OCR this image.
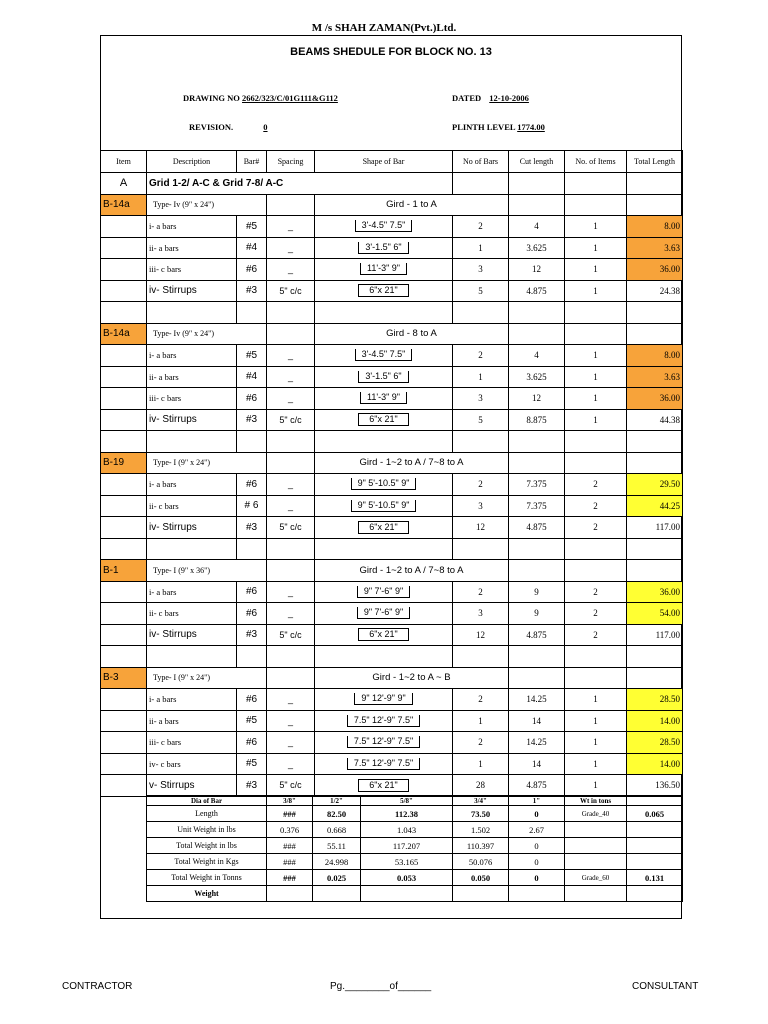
M /s SHAH ZAMAN(Pvt.)Ltd.
BEAMS SHEDULE FOR BLOCK NO. 13
DRAWING NO 2662/323/C/01G111&G112	DATED 12-10-2006
REVISION.	0	PLINTH LEVEL 1774.00
Item	Description	Bar#	Spacing	Shape of Bar	No of Bars	Cut length	No. of Items	Total Length
A	Grid 1-2/ A-C & Grid 7-8/ A-C							
B-14a	Type- Iv (9" x 24")			Gird - 1 to A				
	i- a bars	#5	_	3'-4.5" 7.5"	2	4	1	8.00
	ii- a bars	#4	_	3'-1.5" 6"	1	3.625	1	3.63
	iii- c bars	#6	_	11'-3" 9"	3	12	1	36.00
	iv- Stirrups	#3	5" c/c	6"x 21"	5	4.875	1	24.38

B-14a	Type- Iv (9" x 24")			Gird - 8 to A				
	i- a bars	#5	_	3'-4.5" 7.5"	2	4	1	8.00
	ii- a bars	#4	_	3'-1.5" 6"	1	3.625	1	3.63
	iii- c bars	#6	_	11'-3" 9"	3	12	1	36.00
	iv- Stirrups	#3	5" c/c	6"x 21"	5	8.875	1	44.38

B-19	Type- I (9" x 24")			Gird - 1~2 to A / 7~8 to A				
	i- a bars	#6	_	9" 5'-10.5" 9"	2	7.375	2	29.50
	ii- c bars	# 6	_	9" 5'-10.5" 9"	3	7.375	2	44.25
	iv- Stirrups	#3	5" c/c	6"x 21"	12	4.875	2	117.00

B-1	Type- I (9" x 36")			Gird - 1~2 to A / 7~8 to A				
	i- a bars	#6	_	9" 7'-6" 9"	2	9	2	36.00
	ii- c bars	#6	_	9" 7'-6" 9"	3	9	2	54.00
	iv- Stirrups	#3	5" c/c	6"x 21"	12	4.875	2	117.00

B-3	Type- I (9" x 24")			Gird - 1~2 to A ~ B				
	i- a bars	#6	_	9" 12'-9" 9"	2	14.25	1	28.50
	ii- a bars	#5	_	7.5" 12'-9" 7.5"	1	14	1	14.00
	iii- c bars	#6	_	7.5" 12'-9" 7.5"	2	14.25	1	28.50
	iv- c bars	#5	_	7.5" 12'-9" 7.5"	1	14	1	14.00
	v- Stirrups	#3	5" c/c	6"x 21"	28	4.875	1	136.50
Dia of Bar	3/8"	1/2"	5/8"	3/4"	1"	Wt in tons	
Length	###	82.50	112.38	73.50	0	Grade_40	0.065
Unit Weight in lbs	0.376	0.668	1.043	1.502	2.67		
Total Weight in lbs	###	55.11	117.207	110.397	0		
Total Weight in Kgs	###	24.998	53.165	50.076	0		
Total Weight in Tonns	###	0.025	0.053	0.050	0	Grade_60	0.131
Weight							
CONTRACTOR	Pg.________of______	CONSULTANT
